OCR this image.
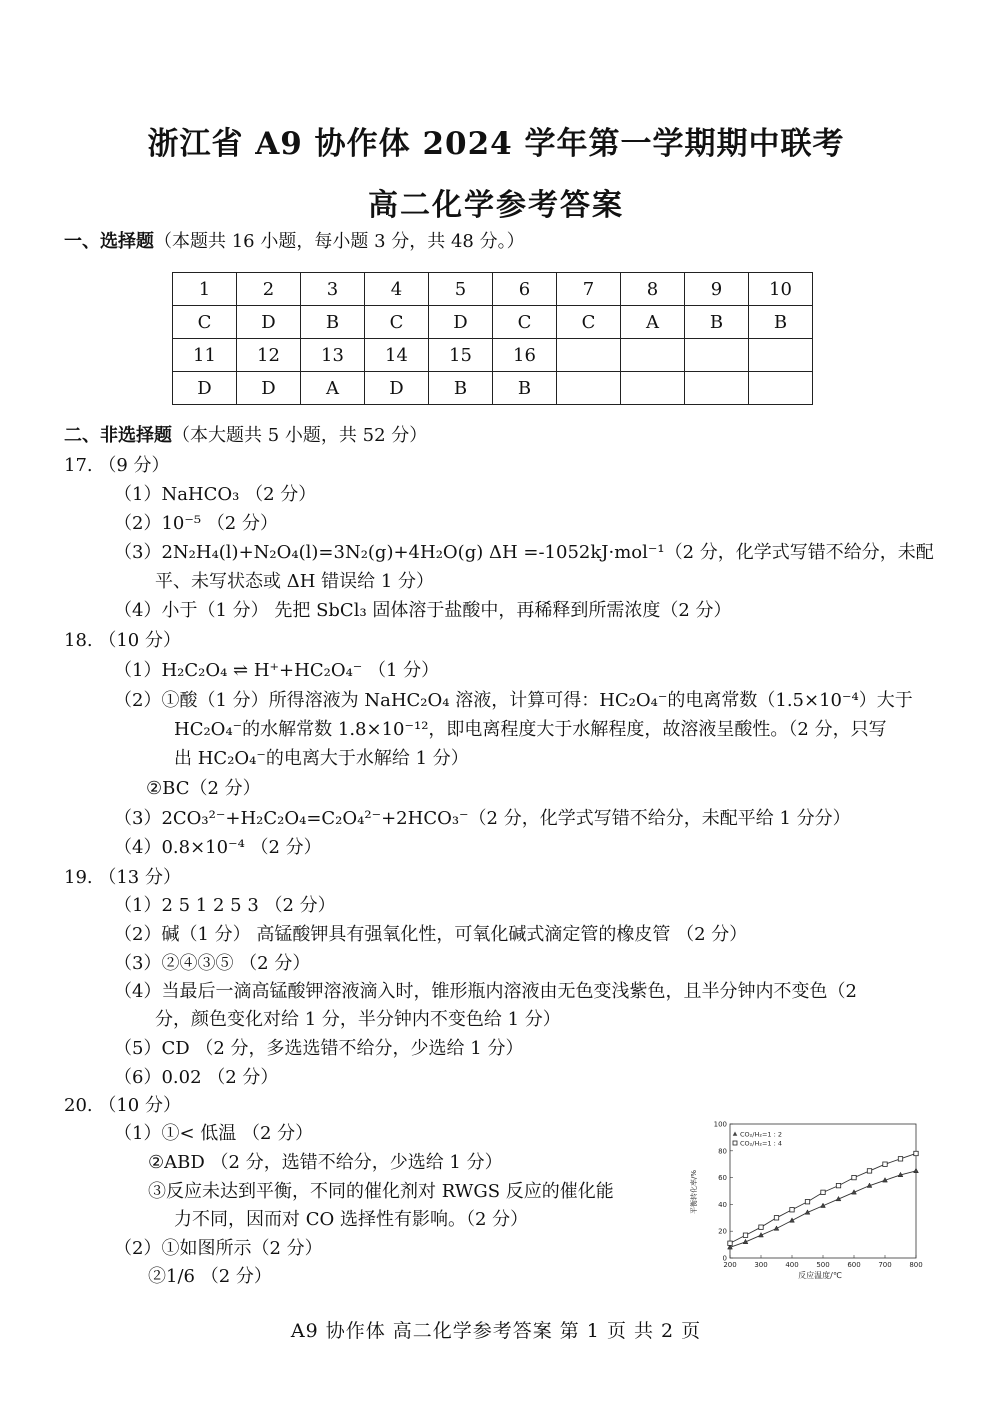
浙江省 A9 协作体 2024 学年第一学期期中联考
高二化学参考答案
一、选择题（本题共 16 小题，每小题 3 分，共 48 分。）
1	2	3	4	5	6	7	8	9	10
C	D	B	C	D	C	C	A	B	B
11	12	13	14	15	16				
D	D	A	D	B	B				
二、非选择题（本大题共 5 小题，共 52 分）
17. （9 分）
（1）NaHCO₃ （2 分）
（2）10⁻⁵ （2 分）
（3）2N₂H₄(l)+N₂O₄(l)=3N₂(g)+4H₂O(g) ΔH =-1052kJ·mol⁻¹（2 分，化学式写错不给分，未配
平、未写状态或 ΔH 错误给 1 分）
（4）小于（1 分） 先把 SbCl₃ 固体溶于盐酸中，再稀释到所需浓度（2 分）
18. （10 分）
（1）H₂C₂O₄ ⇌ H⁺+HC₂O₄⁻ （1 分）
（2）①酸（1 分）所得溶液为 NaHC₂O₄ 溶液，计算可得：HC₂O₄⁻的电离常数（1.5×10⁻⁴）大于
HC₂O₄⁻的水解常数 1.8×10⁻¹²，即电离程度大于水解程度，故溶液呈酸性。（2 分，只写
出 HC₂O₄⁻的电离大于水解给 1 分）
②BC（2 分）
（3）2CO₃²⁻+H₂C₂O₄=C₂O₄²⁻+2HCO₃⁻（2 分，化学式写错不给分，未配平给 1 分分）
（4）0.8×10⁻⁴ （2 分）
19. （13 分）
（1）2 5 1 2 5 3 （2 分）
（2）碱（1 分） 高锰酸钾具有强氧化性，可氧化碱式滴定管的橡皮管 （2 分）
（3）②④③⑤ （2 分）
（4）当最后一滴高锰酸钾溶液滴入时，锥形瓶内溶液由无色变浅紫色，且半分钟内不变色（2
分，颜色变化对给 1 分，半分钟内不变色给 1 分）
（5）CD （2 分，多选选错不给分，少选给 1 分）
（6）0.02 （2 分）
20. （10 分）
（1）①< 低温 （2 分）
②ABD （2 分，选错不给分，少选给 1 分）
③反应未达到平衡，不同的催化剂对 RWGS 反应的催化能
力不同，因而对 CO 选择性有影响。（2 分）
（2）①如图所示（2 分）
②1/6 （2 分）
200	300	400	500	600	700	800
0
20
40
60
80
100
CO₂/H₂=1 : 2
CO₂/H₂=1 : 4
反应温度/℃
平衡转化率/%
A9 协作体 高二化学参考答案 第 1 页 共 2 页
